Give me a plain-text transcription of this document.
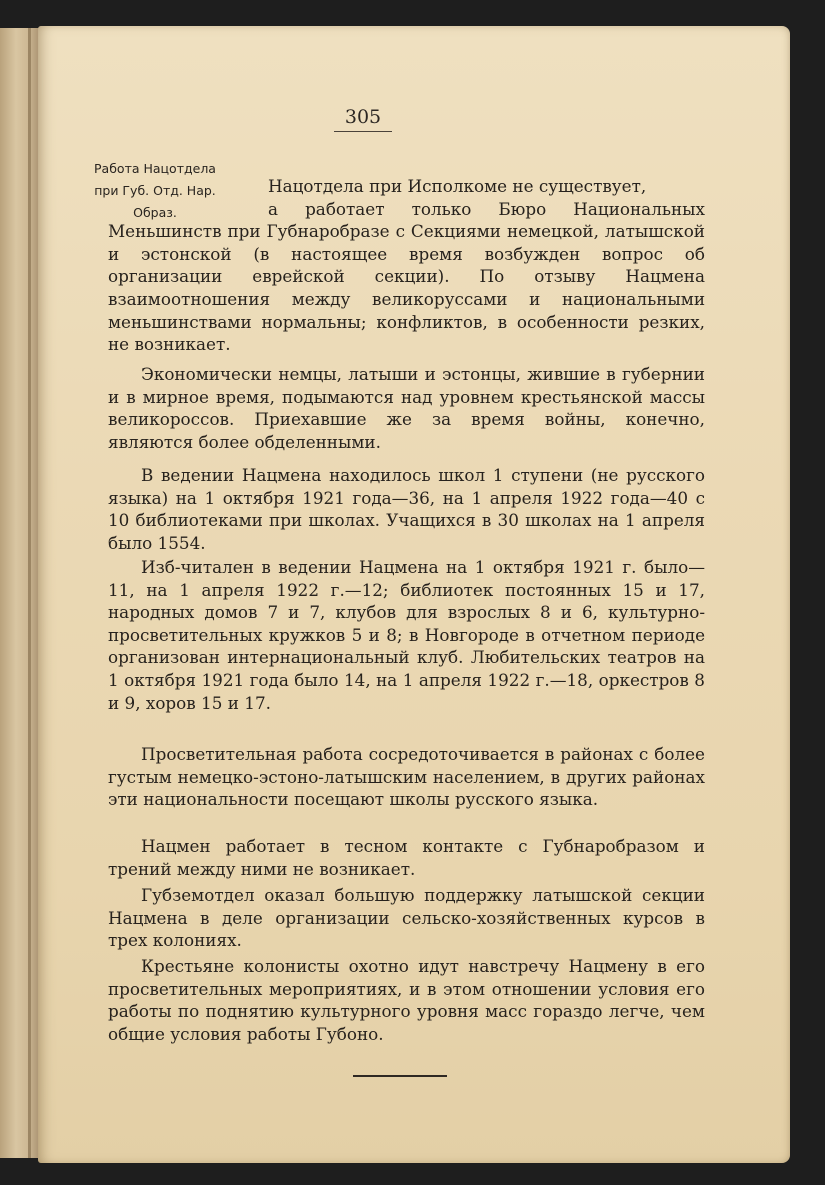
305
Работа Нацотдела
при Губ. Отд. Нар.
Образ.

Нацотдела при Исполкоме не существует,

а работает только Бюро Национальных Меньшинств при Губнаробразе с Секциями немецкой, латышской и эстонской (в настоящее время возбужден вопрос об организации еврейской секции). По отзыву Нацмена взаимоотношения между великоруссами и национальными меньшинствами нормальны; конфликтов, в особенности резких, не возникает.

Экономически немцы, латыши и эстонцы, жившие в губернии и в мирное время, подымаются над уровнем крестьянской массы великороссов. Приехавшие же за время войны, конечно, являются более обделенными.

В ведении Нацмена находилось школ 1 ступени (не русского языка) на 1 октября 1921 года—36, на 1 апреля 1922 года—40 с 10 библиотеками при школах. Учащихся в 30 школах на 1 апреля было 1554.

Изб-читален в ведении Нацмена на 1 октября 1921 г. было—11, на 1 апреля 1922 г.—12; библиотек постоянных 15 и 17, народных домов 7 и 7, клубов для взрослых 8 и 6, культурно-просветительных кружков 5 и 8; в Новгороде в отчетном периоде организован интернациональный клуб. Любительских театров на 1 октября 1921 года было 14, на 1 апреля 1922 г.—18, оркестров 8 и 9, хоров 15 и 17.

Просветительная работа сосредоточивается в районах с более густым немецко-эстоно-латышским населением, в других районах эти национальности посещают школы русского языка.

Нацмен работает в тесном контакте с Губнаробразом и трений между ними не возникает.

Губземотдел оказал большую поддержку латышской секции Нацмена в деле организации сельско-хозяйственных курсов в трех колониях.

Крестьяне колонисты охотно идут навстречу Нацмену в его просветительных мероприятиях, и в этом отношении условия его работы по поднятию культурного уровня масс гораздо легче, чем общие условия работы Губоно.
